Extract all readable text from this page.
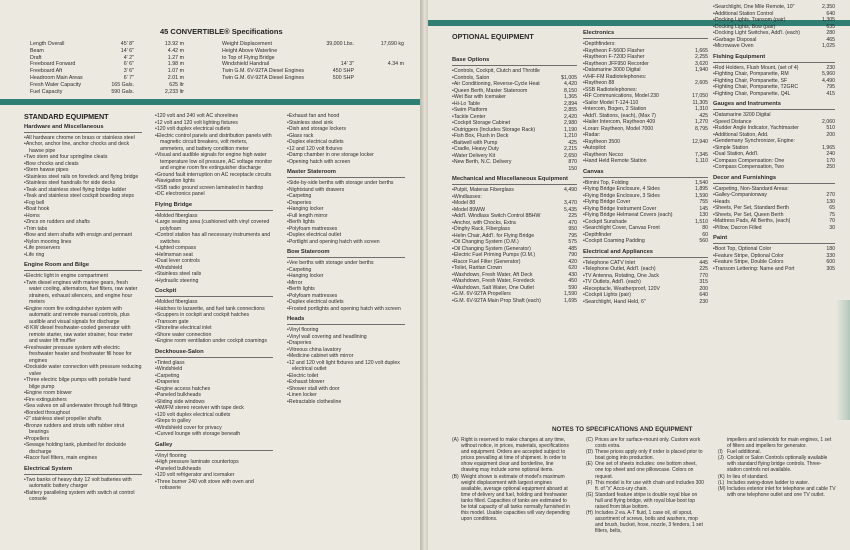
45 CONVERTIBLE® Specifications
Length Overall	45' 8"	13.92 m
Beam	14' 6"	4.42 m
Draft	4' 2"	1.27 m
Freeboard Forward	6' 6"	1.98 m
Freeboard Aft	3' 6"	1.07 m
Headroom Main Areas	6' 7"	2.01 m
Fresh Water Capacity	165 Gals.	625 ltr
Fuel Capacity	590 Gals.	2,233 ltr
Weight Displacement	39,000 Lbs.	17,690 kg
Height Above Waterline
to Top of Flying Bridge
Windshield Handrail	14' 3"	4.34 m
Twin G.M. 6V-92TA Diesel Engines	450 SHP
Twin G.M. 6V-92TA Diesel Engines	500 SHP
STANDARD EQUIPMENT
Hardware and Miscellaneous
• All hardware chrome on brass or stainless steel
• Anchor, anchor line, anchor chocks and deck hawse pipe
• Two stern and four springline cleats
• Bow chocks and cleats
• Stern hawse pipes
• Stainless steel rails on foredeck and flying bridge
• Stainless steel handrails for side decks
• Teak and stainless steel flying bridge ladder
• Teak and stainless steel cockpit boarding steps
• Fog bell
• Boat hook
• Horns
• Zincs on rudders and shafts
• Trim tabs
• Bow and stern shafts with ensign and pennant
• Nylon mooring lines
• Life preservers
• Life ring
Engine Room and Bilge
• Electric light in engine compartment
• Twin diesel engines with marine gears, fresh water cooling, alternators, fuel filters, raw water strainers, exhaust silencers, and engine hour meters
• Engine room fire extinguisher system with automatic and remote manual controls, plus audible and visual signals for discharge
• 8 KW diesel freshwater-cooled generator with remote starter, raw water strainer, hour meter and water lift muffler
• Freshwater pressure system with electric freshwater heater and freshwater fill hose for engines
• Dockside water connection with pressure reducing valve
• Three electric bilge pumps with portable hand bilge pump
• Engine room blower
• Fire extinguishers
• Sea valves on all underwater through hull fittings
• Bonded throughout
• 2" stainless steel propeller shafts
• Bronze rudders and struts with rubber strut bearings
• Propellers
• Sewage holding tank, plumbed for dockside discharge
• Racor fuel filters, main engines
Electrical System
• Two banks of heavy duty 12 volt batteries with automatic battery charger
• Battery paralleling system with switch at control console
• 120 volt and 240 volt AC shorelines
• 12 volt and 120 volt lighting fixtures
• 120 volt duplex electrical outlets
• Electric control panels and distribution panels with magnetic circuit breakers, volt meters, ammeters, and battery condition meter
• Visual and audible signals for engine high water temperature low oil pressure, AC voltage monitor and engine room fire extinguisher discharge
• Ground fault interruption on AC receptacle circuits
• Navigation lights
• SSB radio ground screen laminated in hardtop
• DC electronics panel
Flying Bridge
• Molded fiberglass
• Large seating area (cushioned with vinyl covered polyfoam
• Control station has all necessary instruments and switches
• Lighted compass
• Helmsman seat
• Dual lever controls
• Windshield
• Stainless steel rails
• Hydraulic steering
Cockpit
• Molded fiberglass
• Hatches to lazarette, and fuel tank connections
• Scuppers in cockpit and cockpit hatches
• Transom gate
• Shoreline electrical inlet
• Shore water connection
• Engine room ventilation under cockpit coamings
Deckhouse-Salon
• Tinted glass
• Windshield
• Carpeting
• Draperies
• Engine access hatches
• Paneled bulkheads
• Sliding side windows
• AM/FM stereo receiver with tape deck
• 120 volt duplex electrical outlets
• Steps to galley
• Windshield cover for privacy
• Curved lounge with storage beneath
Galley
• Vinyl flooring
• High pressure laminate countertops
• Paneled bulkheads
• 120 volt refrigerator and icemaker
• Three burner 240 volt stove with oven and rotisserie
• Exhaust fan and hood
• Stainless steel sink
• Dish and storage lockers
• Glass rack
• Duplex electrical outlets
• 12 and 120 volt fixtures
• Damp chamber in one storage locker
• Opening hatch with screen
Master Stateroom
• Side-by-side berths with storage under berths
• Nightstand with drawers
• Carpeting
• Draperies
• Hanging locker
• Full length mirror
• Berth lights
• Polyfoam mattresses
• Duplex electrical outlet
• Portlight and opening hatch with screen
Bow Stateroom
• Vee berths with storage under berths
• Carpeting
• Hanging locker
• Mirror
• Berth lights
• Polyfoam mattresses
• Duplex electrical outlets
• Frosted portlights and opening hatch with screen
Heads
• Vinyl flooring
• Vinyl wall covering and headlining
• Draperies
• Vitreous china lavatory
• Medicine cabinet with mirror
• 12 and 120 volt light fixtures and 120 volt duplex electrical outlet
• Electric toilet
• Exhaust blower
• Shower stall with door
• Linen locker
• Retractable clothesline
OPTIONAL EQUIPMENT
Base Options
• Controls, Cockpit, Clutch and Throttle
• Controls, Salon	$1,005
• Air Conditioning, Reverse-Cycle Heat	4,420
• Queen Berth, Master Stateroom	8,150
• Wet Bar with Icemaker	1,365
• Hi-Lo Table	2,894
• Swim Platform	2,855
• Tackle Center	2,420
• Cockpit Storage Cabinet	2,980
• Outriggers (Includes Storage Rack)	1,190
• Fish Box, Flush in Deck	1,210
• Baitwell with Pump	425
• Cradle, Heavy Duty	2,215
• Water Delivery Kit	2,650
• New Berth, N.C. Delivery	870
150
Mechanical and Miscellaneous Equipment
• Pulpit, Materas Fiberglass	4,490
• Windlasses:
• Model 88	3,470
• Model 89WW	5,435
• Add'l. Windlass Switch Control 8BHW	225
• Anchor, with Chocks, Extra	470
• Dinghy Rack, Fiberglass	950
• Helm Chair, Add'l. for Flying Bridge	795
• Oil Changing System (O.M.)	575
• Oil Changing System (Generator)	485
• Electric Fuel Priming Pumps (O.M.)	790
• Racor Fuel Filter (Generator)	420
• Toilet, Raritan Crown	620
• Washdown, Fresh Water, Aft Deck	430
• Washdown, Fresh Water, Foredeck	450
• Washdown, Salt Water, One Outlet	590
• G.M. 6V-92TA Propellers	1,590
• G.M. 6V-92TA Main Prop Shaft (each)	1,695
Electronics
• Depthfinders:
• Raytheon F-560D Flasher	1,665
• Raytheon F-720D Flasher	2,255
• Raytheon JFF950 Recorder	3,620
• Datamarine 3000 Digital	1,940
• VHF-FM Radiotelephones:
• Raytheon 88	2,605
• SSB Radiotelephones:
• RF Communications, Model 230	17,050
• Sailor Model T-124-110	11,305
• Intercom, Bogen, 2 Station	1,310
• Add'l. Stations, (each), (Max 7)	425
• Hailer Intercom, Raytheon 409	1,270
• Loran: Raytheon, Model 7000	8,795
• Radar:
• Raytheon 3500	12,940
• Autopilot:
• Raytheon Necco	7,345
• Hand Held Remote Station	1,110
Canvas
• Bimini Top, Folding	1,540
• Flying Bridge Enclosure, 4 Sides	1,895
• Flying Bridge Enclosure, 3 Sides	1,590
• Flying Bridge Cover	755
• Flying Bridge Instrument Cover	145
• Flying Bridge Helmseat Covers (each)	130
• Cockpit Sunshade	1,510
• Searchlight Cover, Canvas Front	80
• Depthfinder	60
• Cockpit Coaming Padding	560
Electrical and Appliances
• Telephone CATV Inlet	445
• Telephone Outlet, Add'l. (each)	225
• TV Antenna, Rotating, One Jack	770
• TV Outlets, Add'l. (each)	315
• Receptacle, Weatherproof, 120V	200
• Cockpit Lights (pair)	640
• Searchlight, Hand Held, 6"	230
• Searchlight, One Mile Remote, 10"	2,350
• Additional Station Control	640
• Docking Lights, Transom (pair)	1,305
• Docking Lights, Bow (pair)	635
• Docking Light Switches, Add'l. (each)	280
• Garbage Disposal	465
• Microwave Oven	1,025
Fishing Equipment
• Rod Holders, Flush Mount, (set of 4)	230
• Fighting Chair, Pompanette, RM	5,960
• Fighting Chair, Pompanette, SF	4,490
• Fighting Chair, Pompanette, T2GRC	795
• Fighting Chair, Pompanette, Q4L	415
Gauges and Instruments
• Datamarine 3200 Digital
• Speed Distance	2,060
• Rudder Angle Indicator, Yachtmaster	510
• Additional Station, Add.	200
• Gendemany Synchronizer, Engine:
• Simple Station	1,965
• Dual Station, Add'l.	240
• Compass Compensation: One	170
• Compass Compensation, Two	250
Decor and Furnishings
• Carpeting, Non-Standard Areas:
• Galley-Companionway	270
• Heads	130
• Sheets, Per Set, Standard Berth	65
• Sheets, Per Set, Queen Berth	75
• Mattress Pads, All Berths, (each)	70
• Pillow, Dacron Filled	30
Paint
• Boot Top, Optional Color	180
• Feature Stripe, Optional Color	330
• Feature Stripe, Double Colors	600
• Transom Lettering: Name and Port	305
NOTES TO SPECIFICATIONS AND EQUIPMENT
(A) Right is reserved to make changes at any time, without notice, in prices, materials, specifications and equipment. Orders are accepted subject to prices prevailing at time of shipment. In order to show equipment clear and borderline, line drawing may include some optional items.
(B) Weight shown is estimate of model's maximum weight displacement with largest engines available, average optional equipment aboard at time of delivery and fuel, holding and freshwater tanks filled. Capacities of tanks are estimated to be total capacity of all tanks normally furnished in this model. Usable capacities will vary depending upon conditions.
(C) Prices are for surface-mount only. Custom work costs extra.
(D) These prices apply only if order is placed prior to boat going into production.
(E) One set of sheets includes: one bottom sheet, one top sheet and one pillowcase. Colors on request.
(F) This model is for use with chain and includes 300 ft. of "x" Acco-ury chain.
(G) Standard feature stripe is double royal blue on hull and flying bridge, with royal blue boot top raised from blue bottom.
(H) Includes 2 ea. A-T fluid, 1 case oil, oil spout, assortment of screws, bolts and washers, mop and brush, bucket, hose, nozzle, 3 fenders, 1 set filters, belts,
impellers and solenoids for main engines, 1 set of filters and impellers for generator.
(I) Fuel additional.
(J) Cockpit or Salon Controls optionally available with standard flying bridge controls. Three-station controls not available.
(K) In lieu of standard.
(L) Includes swing-down ladder to water.
(M) Includes exterior inlet for telephone and cable TV with one telephone outlet and one TV outlet.
